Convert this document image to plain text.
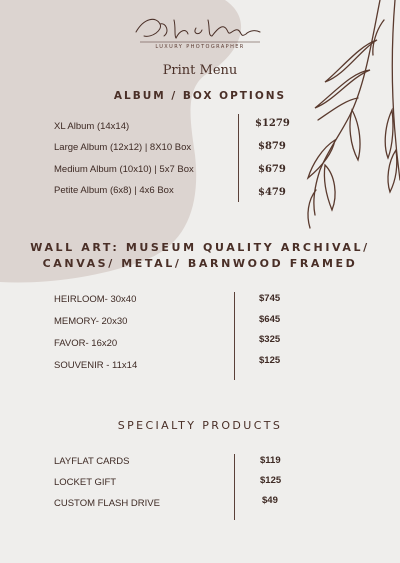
LUXURY PHOTOGRAPHER
Print Menu
ALBUM / BOX OPTIONS
XL Album (14x14)
Large Album (12x12) | 8X10 Box
Medium Album (10x10) | 5x7 Box
Petite Album (6x8) | 4x6 Box
$1279
$879
$679
$479
WALL ART: MUSEUM QUALITY ARCHIVAL/
CANVAS/ METAL/ BARNWOOD FRAMED
HEIRLOOM- 30x40
MEMORY- 20x30
FAVOR- 16x20
SOUVENIR - 11x14
$745
$645
$325
$125
SPECIALTY PRODUCTS
LAYFLAT CARDS
LOCKET GIFT
CUSTOM FLASH DRIVE
$119
$125
$49
